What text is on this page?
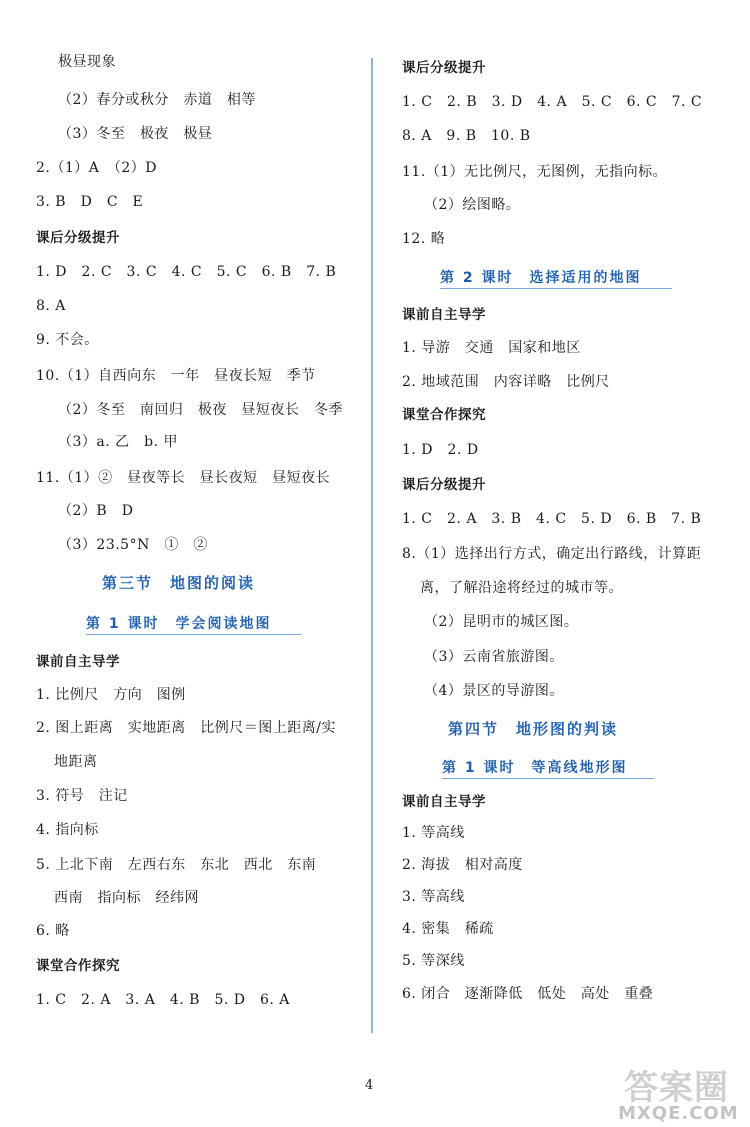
极昼现象
（2）春分或秋分　赤道　相等
（3）冬至　极夜　极昼
2.（1）A　（2）D
3. B　D　C　E
课后分级提升
1. D　2. C　3. C　4. C　5. C　6. B　7. B
8. A
9. 不会。
10.（1）自西向东　一年　昼夜长短　季节
（2）冬至　南回归　极夜　昼短夜长　冬季
（3）a. 乙　b. 甲
11.（1）②　昼夜等长　昼长夜短　昼短夜长
（2）B　D
（3）23.5°N　①　②
第三节　地图的阅读
第 1 课时　学会阅读地图
课前自主导学
1. 比例尺　方向　图例
2. 图上距离　实地距离　比例尺＝图上距离/实
地距离
3. 符号　注记
4. 指向标
5. 上北下南　左西右东　东北　西北　东南
西南　指向标　经纬网
6. 略
课堂合作探究
1. C　2. A　3. A　4. B　5. D　6. A
课后分级提升
1. C　2. B　3. D　4. A　5. C　6. C　7. C
8. A　9. B　10. B
11.（1）无比例尺，无图例，无指向标。
（2）绘图略。
12. 略
第 2 课时　选择适用的地图
课前自主导学
1. 导游　交通　国家和地区
2. 地域范围　内容详略　比例尺
课堂合作探究
1. D　2. D
课后分级提升
1. C　2. A　3. B　4. C　5. D　6. B　7. B
8.（1）选择出行方式，确定出行路线，计算距
离，了解沿途将经过的城市等。
（2）昆明市的城区图。
（3）云南省旅游图。
（4）景区的导游图。
第四节　地形图的判读
第 1 课时　等高线地形图
课前自主导学
1. 等高线
2. 海拔　相对高度
3. 等高线
4. 密集　稀疏
5. 等深线
6. 闭合　逐渐降低　低处　高处　重叠
4	答案圈
MXQE.COM
